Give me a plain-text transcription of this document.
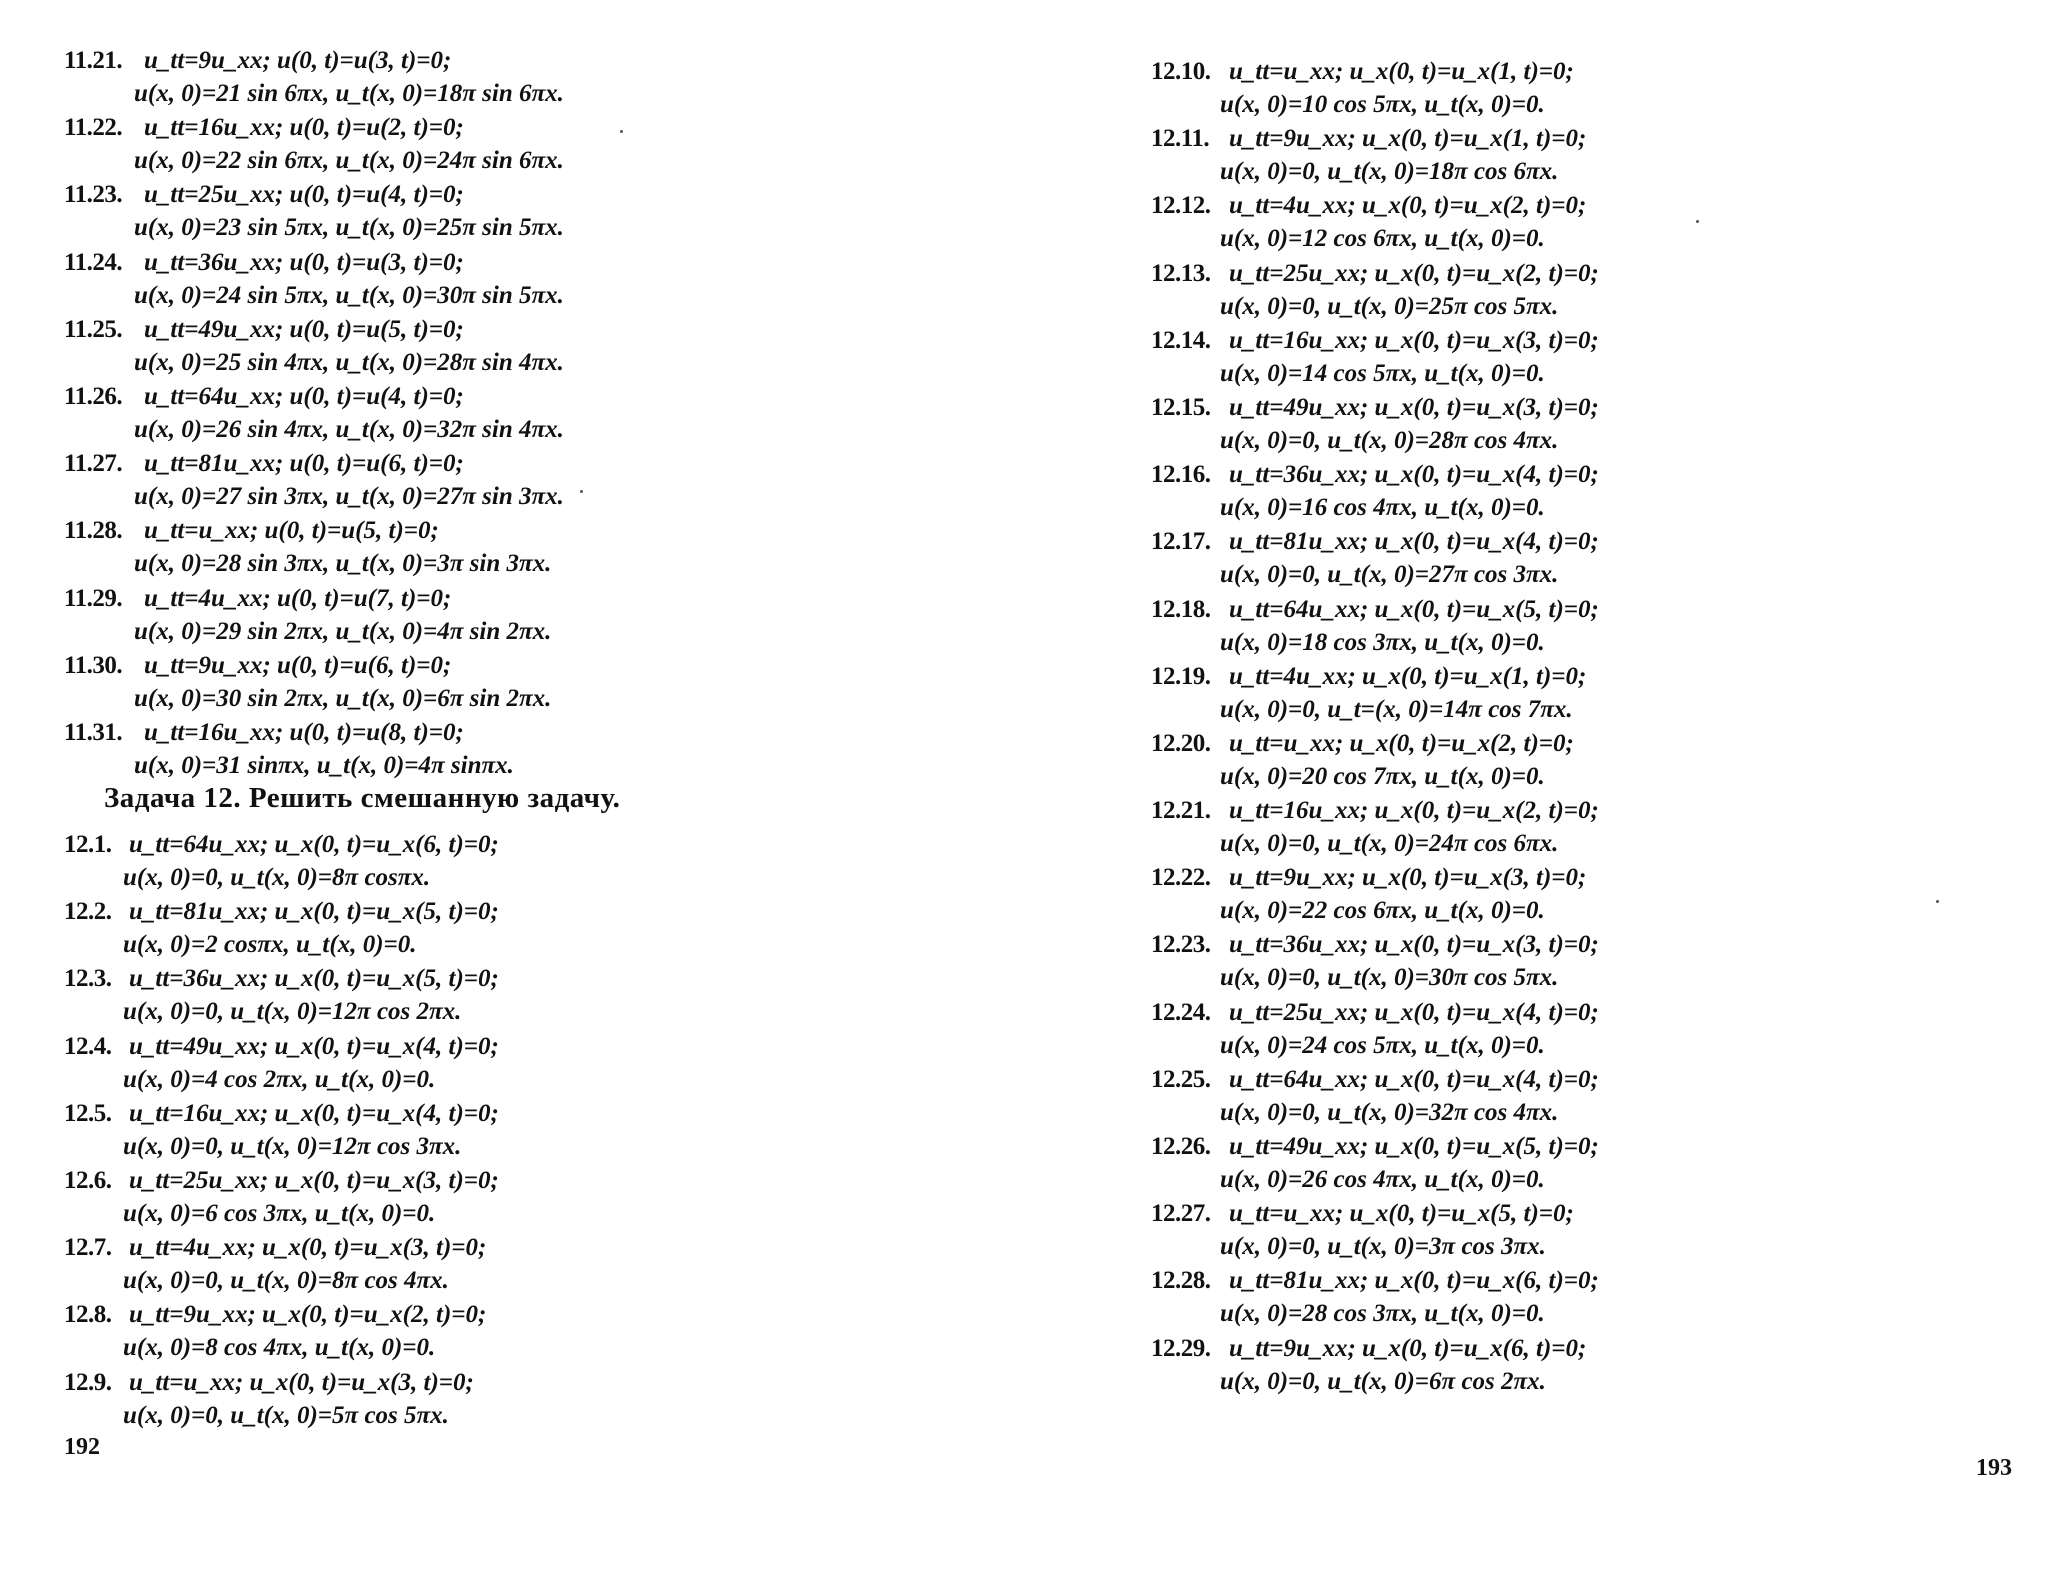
11.21. u_tt=9u_xx; u(0, t)=u(3, t)=0;
u(x, 0)=21 sin 6πx, u_t(x, 0)=18π sin 6πx.
11.22. u_tt=16u_xx; u(0, t)=u(2, t)=0;
u(x, 0)=22 sin 6πx, u_t(x, 0)=24π sin 6πx.
11.23. u_tt=25u_xx; u(0, t)=u(4, t)=0;
u(x, 0)=23 sin 5πx, u_t(x, 0)=25π sin 5πx.
11.24. u_tt=36u_xx; u(0, t)=u(3, t)=0;
u(x, 0)=24 sin 5πx, u_t(x, 0)=30π sin 5πx.
11.25. u_tt=49u_xx; u(0, t)=u(5, t)=0;
u(x, 0)=25 sin 4πx, u_t(x, 0)=28π sin 4πx.
11.26. u_tt=64u_xx; u(0, t)=u(4, t)=0;
u(x, 0)=26 sin 4πx, u_t(x, 0)=32π sin 4πx.
11.27. u_tt=81u_xx; u(0, t)=u(6, t)=0;
u(x, 0)=27 sin 3πx, u_t(x, 0)=27π sin 3πx.
11.28. u_tt=u_xx; u(0, t)=u(5, t)=0;
u(x, 0)=28 sin 3πx, u_t(x, 0)=3π sin 3πx.
11.29. u_tt=4u_xx; u(0, t)=u(7, t)=0;
u(x, 0)=29 sin 2πx, u_t(x, 0)=4π sin 2πx.
11.30. u_tt=9u_xx; u(0, t)=u(6, t)=0;
u(x, 0)=30 sin 2πx, u_t(x, 0)=6π sin 2πx.
11.31. u_tt=16u_xx; u(0, t)=u(8, t)=0;
u(x, 0)=31 sinπx, u_t(x, 0)=4π sinπx.
Задача 12. Решить смешанную задачу.
12.1. u_tt=64u_xx; u_x(0, t)=u_x(6, t)=0;
u(x, 0)=0, u_t(x, 0)=8π cosπx.
12.2. u_tt=81u_xx; u_x(0, t)=u_x(5, t)=0;
u(x, 0)=2 cosπx, u_t(x, 0)=0.
12.3. u_tt=36u_xx; u_x(0, t)=u_x(5, t)=0;
u(x, 0)=0, u_t(x, 0)=12π cos 2πx.
12.4. u_tt=49u_xx; u_x(0, t)=u_x(4, t)=0;
u(x, 0)=4 cos 2πx, u_t(x, 0)=0.
12.5. u_tt=16u_xx; u_x(0, t)=u_x(4, t)=0;
u(x, 0)=0, u_t(x, 0)=12π cos 3πx.
12.6. u_tt=25u_xx; u_x(0, t)=u_x(3, t)=0;
u(x, 0)=6 cos 3πx, u_t(x, 0)=0.
12.7. u_tt=4u_xx; u_x(0, t)=u_x(3, t)=0;
u(x, 0)=0, u_t(x, 0)=8π cos 4πx.
12.8. u_tt=9u_xx; u_x(0, t)=u_x(2, t)=0;
u(x, 0)=8 cos 4πx, u_t(x, 0)=0.
12.9. u_tt=u_xx; u_x(0, t)=u_x(3, t)=0;
u(x, 0)=0, u_t(x, 0)=5π cos 5πx.
192
12.10. u_tt=u_xx; u_x(0, t)=u_x(1, t)=0;
u(x, 0)=10 cos 5πx, u_t(x, 0)=0.
12.11. u_tt=9u_xx; u_x(0, t)=u_x(1, t)=0;
u(x, 0)=0, u_t(x, 0)=18π cos 6πx.
12.12. u_tt=4u_xx; u_x(0, t)=u_x(2, t)=0;
u(x, 0)=12 cos 6πx, u_t(x, 0)=0.
12.13. u_tt=25u_xx; u_x(0, t)=u_x(2, t)=0;
u(x, 0)=0, u_t(x, 0)=25π cos 5πx.
12.14. u_tt=16u_xx; u_x(0, t)=u_x(3, t)=0;
u(x, 0)=14 cos 5πx, u_t(x, 0)=0.
12.15. u_tt=49u_xx; u_x(0, t)=u_x(3, t)=0;
u(x, 0)=0, u_t(x, 0)=28π cos 4πx.
12.16. u_tt=36u_xx; u_x(0, t)=u_x(4, t)=0;
u(x, 0)=16 cos 4πx, u_t(x, 0)=0.
12.17. u_tt=81u_xx; u_x(0, t)=u_x(4, t)=0;
u(x, 0)=0, u_t(x, 0)=27π cos 3πx.
12.18. u_tt=64u_xx; u_x(0, t)=u_x(5, t)=0;
u(x, 0)=18 cos 3πx, u_t(x, 0)=0.
12.19. u_tt=4u_xx; u_x(0, t)=u_x(1, t)=0;
u(x, 0)=0, u_t=(x, 0)=14π cos 7πx.
12.20. u_tt=u_xx; u_x(0, t)=u_x(2, t)=0;
u(x, 0)=20 cos 7πx, u_t(x, 0)=0.
12.21. u_tt=16u_xx; u_x(0, t)=u_x(2, t)=0;
u(x, 0)=0, u_t(x, 0)=24π cos 6πx.
12.22. u_tt=9u_xx; u_x(0, t)=u_x(3, t)=0;
u(x, 0)=22 cos 6πx, u_t(x, 0)=0.
12.23. u_tt=36u_xx; u_x(0, t)=u_x(3, t)=0;
u(x, 0)=0, u_t(x, 0)=30π cos 5πx.
12.24. u_tt=25u_xx; u_x(0, t)=u_x(4, t)=0;
u(x, 0)=24 cos 5πx, u_t(x, 0)=0.
12.25. u_tt=64u_xx; u_x(0, t)=u_x(4, t)=0;
u(x, 0)=0, u_t(x, 0)=32π cos 4πx.
12.26. u_tt=49u_xx; u_x(0, t)=u_x(5, t)=0;
u(x, 0)=26 cos 4πx, u_t(x, 0)=0.
12.27. u_tt=u_xx; u_x(0, t)=u_x(5, t)=0;
u(x, 0)=0, u_t(x, 0)=3π cos 3πx.
12.28. u_tt=81u_xx; u_x(0, t)=u_x(6, t)=0;
u(x, 0)=28 cos 3πx, u_t(x, 0)=0.
12.29. u_tt=9u_xx; u_x(0, t)=u_x(6, t)=0;
u(x, 0)=0, u_t(x, 0)=6π cos 2πx.
193
